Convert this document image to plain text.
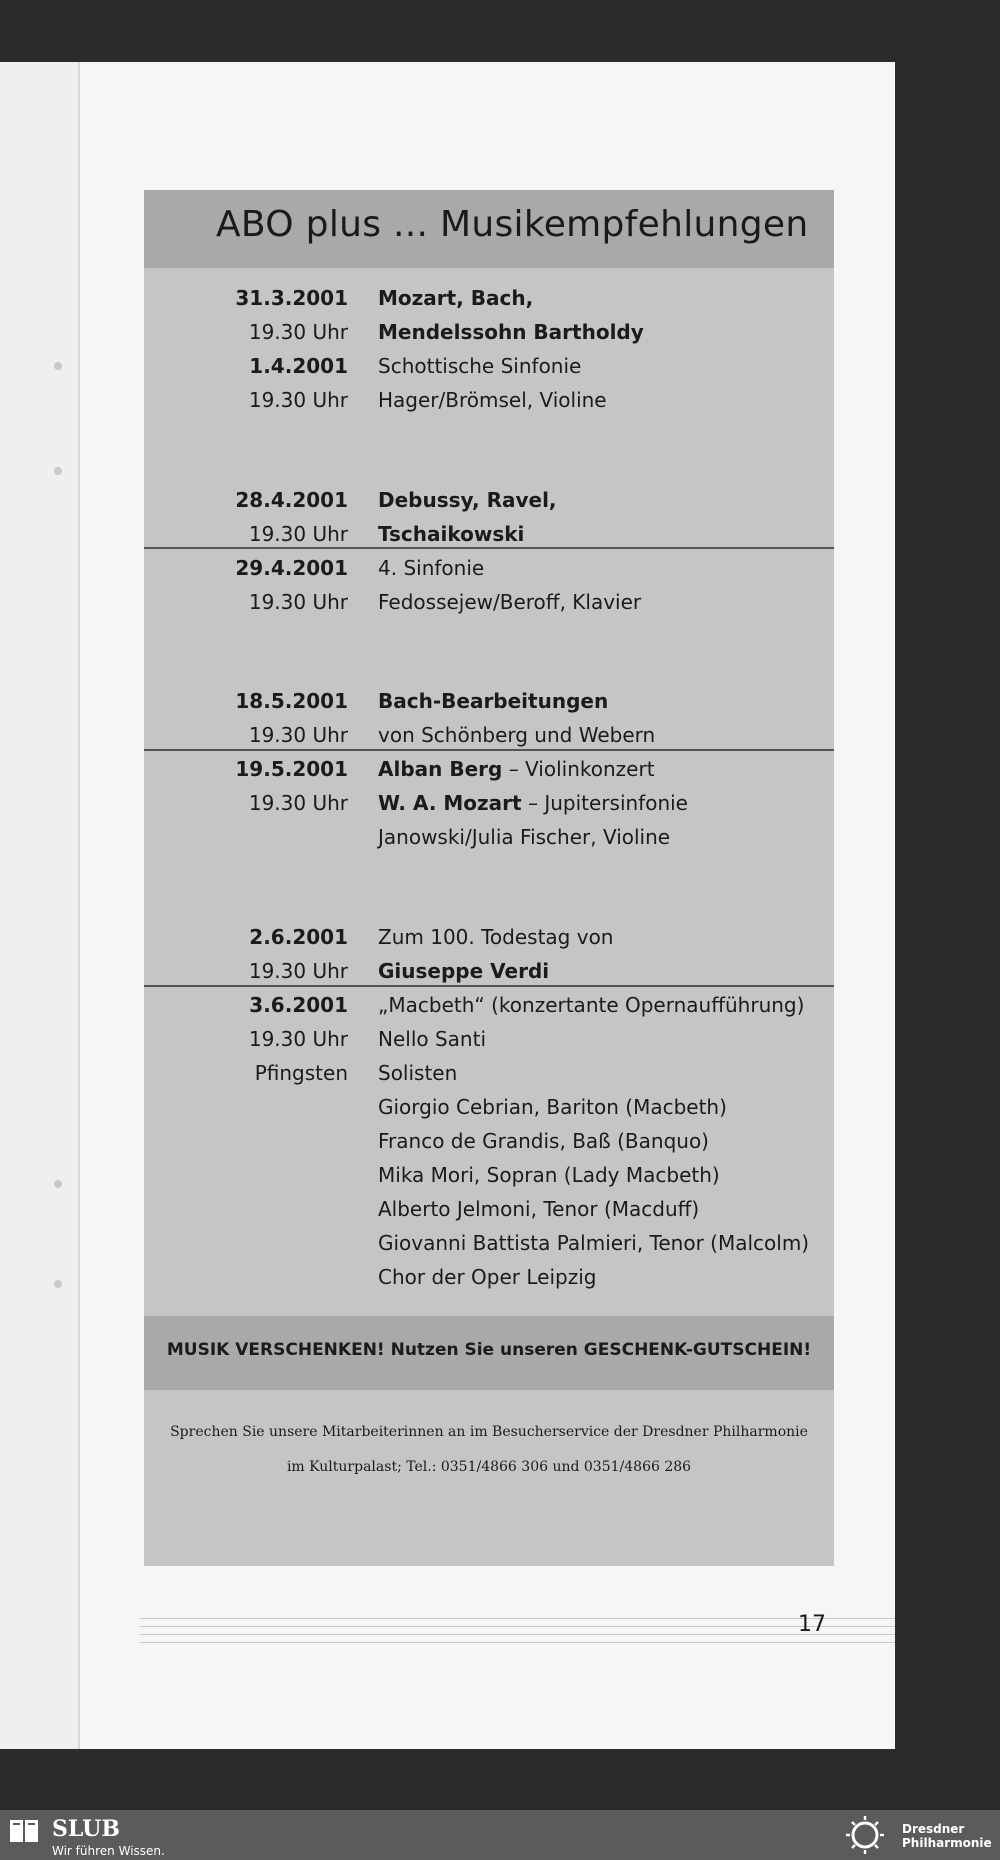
ABO plus ... Musikempfehlungen
31.3.2001 Mozart, Bach,
19.30 Uhr Mendelssohn Bartholdy
1.4.2001 Schottische Sinfonie
19.30 Uhr Hager/Brömsel, Violine
28.4.2001 Debussy, Ravel,
19.30 Uhr Tschaikowski
29.4.2001 4. Sinfonie
19.30 Uhr Fedossejew/Beroff, Klavier
18.5.2001 Bach-Bearbeitungen
19.30 Uhr von Schönberg und Webern
19.5.2001 Alban Berg – Violinkonzert
19.30 Uhr W. A. Mozart – Jupitersinfonie
Janowski/Julia Fischer, Violine
2.6.2001 Zum 100. Todestag von
19.30 Uhr Giuseppe Verdi
3.6.2001 „Macbeth“ (konzertante Opernaufführung)
19.30 Uhr Nello Santi
Pfingsten Solisten
Giorgio Cebrian, Bariton (Macbeth)
Franco de Grandis, Baß (Banquo)
Mika Mori, Sopran (Lady Macbeth)
Alberto Jelmoni, Tenor (Macduff)
Giovanni Battista Palmieri, Tenor (Malcolm)
Chor der Oper Leipzig
MUSIK VERSCHENKEN! Nutzen Sie unseren GESCHENK-GUTSCHEIN!
Sprechen Sie unsere Mitarbeiterinnen an im Besucherservice der Dresdner Philharmonie
im Kulturpalast; Tel.: 0351/4866 306 und 0351/4866 286
17
SLUB
Wir führen Wissen.
Dresdner
Philharmonie
